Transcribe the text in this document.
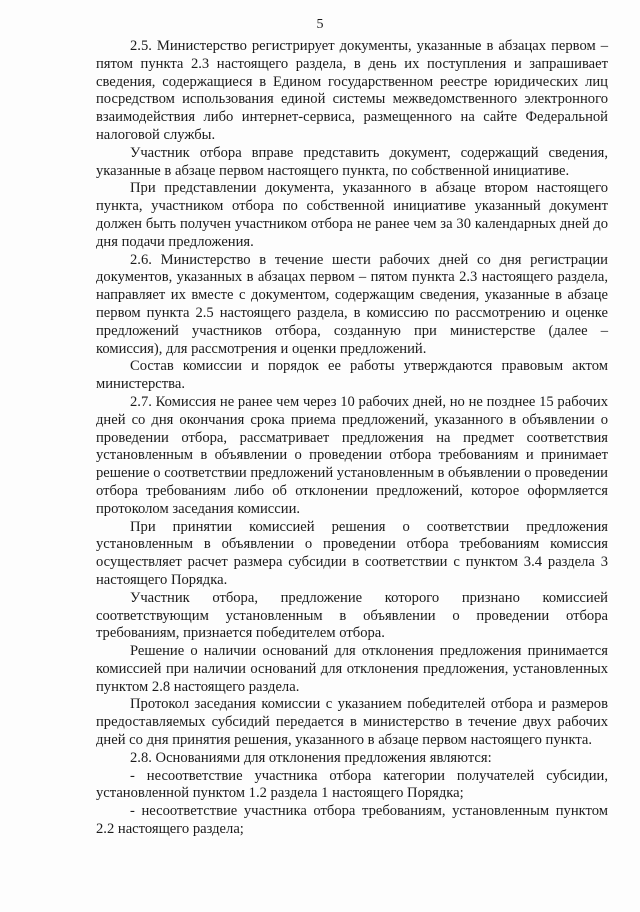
5

2.5. Министерство регистрирует документы, указанные в абзацах первом – пятом пункта 2.3 настоящего раздела, в день их поступления и запрашивает сведения, содержащиеся в Едином государственном реестре юридических лиц посредством использования единой системы межведомственного электронного взаимодействия либо интернет-сервиса, размещенного на сайте Федеральной налоговой службы.

Участник отбора вправе представить документ, содержащий сведения, указанные в абзаце первом настоящего пункта, по собственной инициативе.

При представлении документа, указанного в абзаце втором настоящего пункта, участником отбора по собственной инициативе указанный документ должен быть получен участником отбора не ранее чем за 30 календарных дней до дня подачи предложения.

2.6. Министерство в течение шести рабочих дней со дня регистрации документов, указанных в абзацах первом – пятом пункта 2.3 настоящего раздела, направляет их вместе с документом, содержащим сведения, указанные в абзаце первом пункта 2.5 настоящего раздела, в комиссию по рассмотрению и оценке предложений участников отбора, созданную при министерстве (далее – комиссия), для рассмотрения и оценки предложений.

Состав комиссии и порядок ее работы утверждаются правовым актом министерства.

2.7. Комиссия не ранее чем через 10 рабочих дней, но не позднее 15 рабочих дней со дня окончания срока приема предложений, указанного в объявлении о проведении отбора, рассматривает предложения на предмет соответствия установленным в объявлении о проведении отбора требованиям и принимает решение о соответствии предложений установленным в объявлении о проведении отбора требованиям либо об отклонении предложений, которое оформляется протоколом заседания комиссии.

При принятии комиссией решения о соответствии предложения установленным в объявлении о проведении отбора требованиям комиссия осуществляет расчет размера субсидии в соответствии с пунктом 3.4 раздела 3 настоящего Порядка.

Участник отбора, предложение которого признано комиссией соответствующим установленным в объявлении о проведении отбора требованиям, признается победителем отбора.

Решение о наличии оснований для отклонения предложения принимается комиссией при наличии оснований для отклонения предложения, установленных пунктом 2.8 настоящего раздела.

Протокол заседания комиссии с указанием победителей отбора и размеров предоставляемых субсидий передается в министерство в течение двух рабочих дней со дня принятия решения, указанного в абзаце первом настоящего пункта.

2.8. Основаниями для отклонения предложения являются:

- несоответствие участника отбора категории получателей субсидии, установленной пунктом 1.2 раздела 1 настоящего Порядка;

- несоответствие участника отбора требованиям, установленным пунктом 2.2 настоящего раздела;
